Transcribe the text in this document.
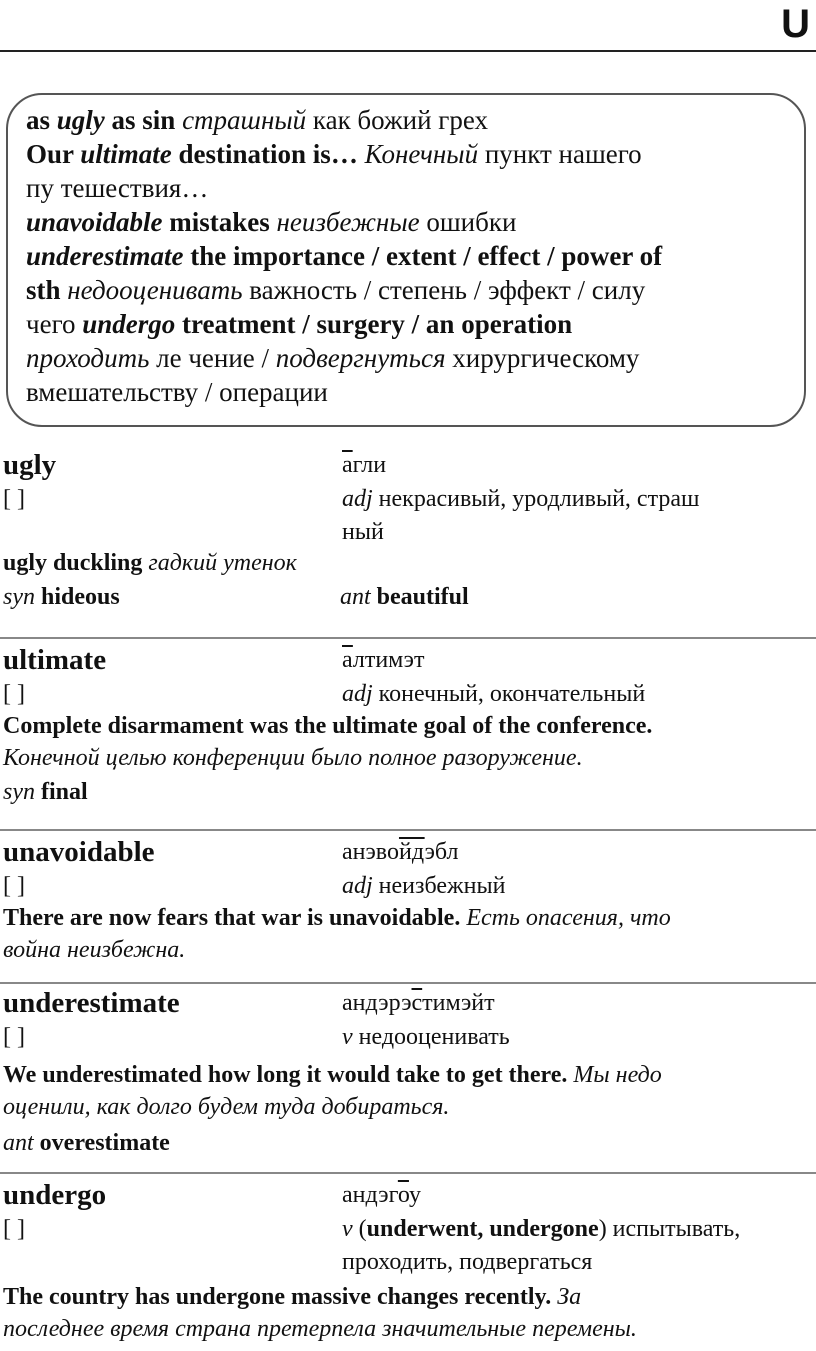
U
as ugly as sin страшный как божий грех
Our ultimate destination is… Конечный пункт нашего
пу тешествия…
unavoidable mistakes неизбежные ошибки
underestimate the importance / extent / effect / power of
sth недооценивать важность / степень / эффект / силу
чего undergo treatment / surgery / an operation
проходить ле чение / подвергнуться хирургическому
вмешательству / операции
ugly	агли
[ ]	adj некрасивый, уродливый, страш
ный
ugly duckling гадкий утенок
syn hideous	ant beautiful
ultimate	алтимэт
[ ]	adj конечный, окончательный
Complete disarmament was the ultimate goal of the conference.
Конечной целью конференции было полное разоружение.
syn final
unavoidable	анэвойдэбл
[ ]	adj неизбежный
There are now fears that war is unavoidable. Есть опасения, что
война неизбежна.
underestimate	андэрэстимэйт
[ ]	v недооценивать
We underestimated how long it would take to get there. Мы недо
оценили, как долго будем туда добираться.
ant overestimate
undergo	андэгоу
[ ]	v (underwent, undergone) испытывать,
проходить, подвергаться
The country has undergone massive changes recently. За
последнее время страна претерпела значительные перемены.
